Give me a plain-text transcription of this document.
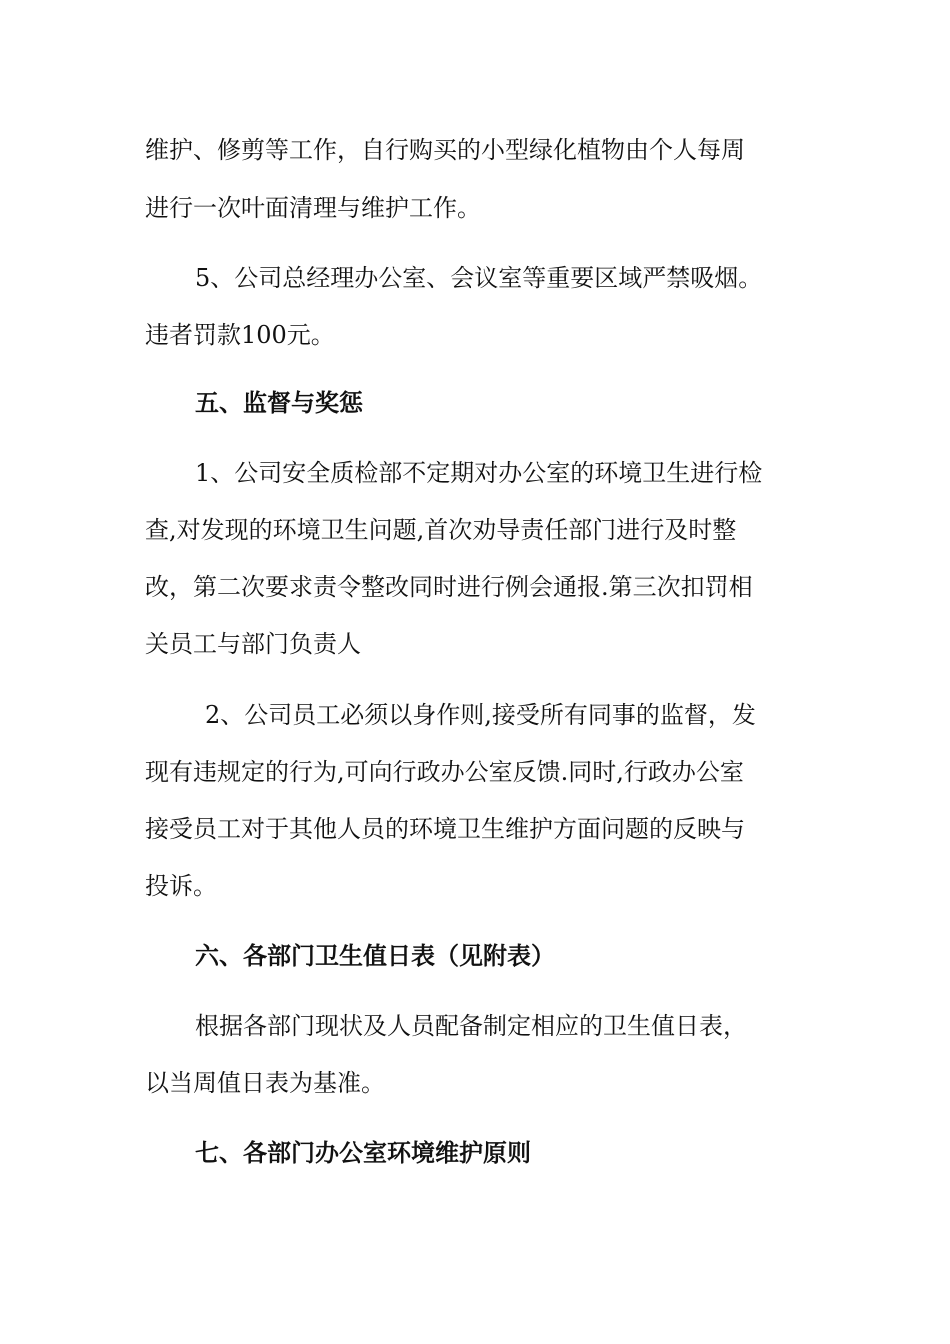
维护、修剪等工作，自行购买的小型绿化植物由个人每周
进行一次叶面清理与维护工作。
5、公司总经理办公室、会议室等重要区域严禁吸烟。
违者罚款100元。
五、监督与奖惩
1、公司安全质检部不定期对办公室的环境卫生进行检
查,对发现的环境卫生问题,首次劝导责任部门进行及时整
改，第二次要求责令整改同时进行例会通报.第三次扣罚相
关员工与部门负责人
2、公司员工必须以身作则,接受所有同事的监督，发
现有违规定的行为,可向行政办公室反馈.同时,行政办公室
接受员工对于其他人员的环境卫生维护方面问题的反映与
投诉。
六、各部门卫生值日表（见附表）
根据各部门现状及人员配备制定相应的卫生值日表，
以当周值日表为基准。
七、各部门办公室环境维护原则
